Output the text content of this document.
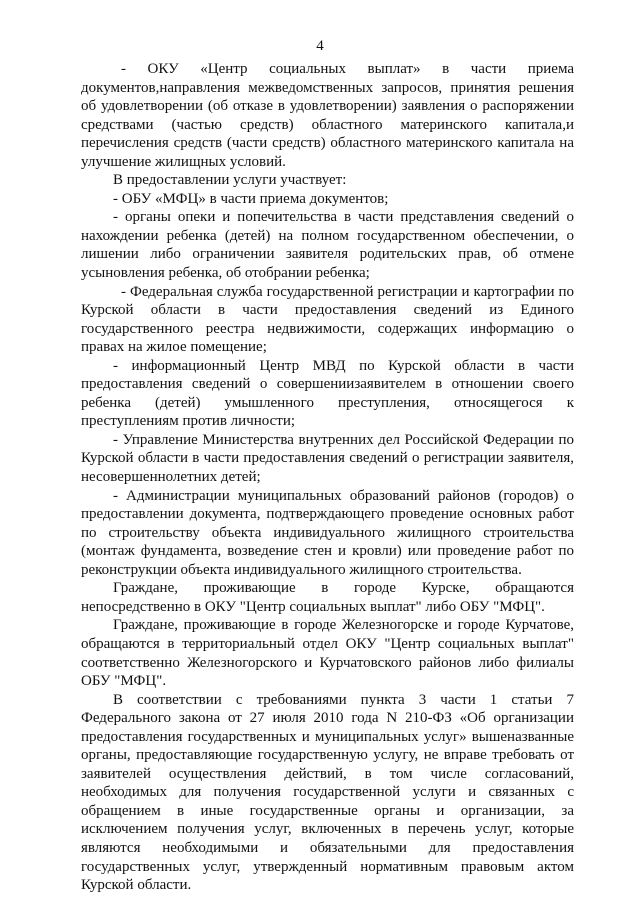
4

- ОКУ «Центр социальных выплат» в части приема документов,направления межведомственных запросов, принятия решения об удовлетворении (об отказе в удовлетворении) заявления о распоряжении средствами (частью средств) областного материнского капитала,и перечисления средств (части средств) областного материнского капитала на улучшение жилищных условий.

В предоставлении услуги участвует:

- ОБУ «МФЦ» в части приема документов;

- органы опеки и попечительства в части представления сведений о нахождении ребенка (детей) на полном государственном обеспечении, о лишении либо ограничении заявителя родительских прав, об отмене усыновления ребенка, об отобрании ребенка;

- Федеральная служба государственной регистрации и картографии по Курской области в части предоставления сведений из Единого государственного реестра недвижимости, содержащих информацию о правах на жилое помещение;

- информационный Центр МВД по Курской области в части предоставления сведений о совершениизаявителем в отношении своего ребенка (детей) умышленного преступления, относящегося к преступлениям против личности;

- Управление Министерства внутренних дел Российской Федерации по Курской области в части предоставления сведений о регистрации заявителя, несовершеннолетних детей;

- Администрации муниципальных образований районов (городов) о предоставлении документа, подтверждающего проведение основных работ по строительству объекта индивидуального жилищного строительства (монтаж фундамента, возведение стен и кровли) или проведение работ по реконструкции объекта индивидуального жилищного строительства.

Граждане, проживающие в городе Курске, обращаются непосредственно в ОКУ "Центр социальных выплат" либо ОБУ "МФЦ".

Граждане, проживающие в городе Железногорске и городе Курчатове, обращаются в территориальный отдел ОКУ "Центр социальных выплат" соответственно Железногорского и Курчатовского районов либо филиалы ОБУ "МФЦ".

В соответствии с требованиями пункта 3 части 1 статьи 7 Федерального закона от 27 июля 2010 года N 210-ФЗ «Об организации предоставления государственных и муниципальных услуг» вышеназванные органы, предоставляющие государственную услугу, не вправе требовать от заявителей осуществления действий, в том числе согласований, необходимых для получения государственной услуги и связанных с обращением в иные государственные органы и организации, за исключением получения услуг, включенных в перечень услуг, которые являются необходимыми и обязательными для предоставления государственных услуг, утвержденный нормативным правовым актом Курской области.
